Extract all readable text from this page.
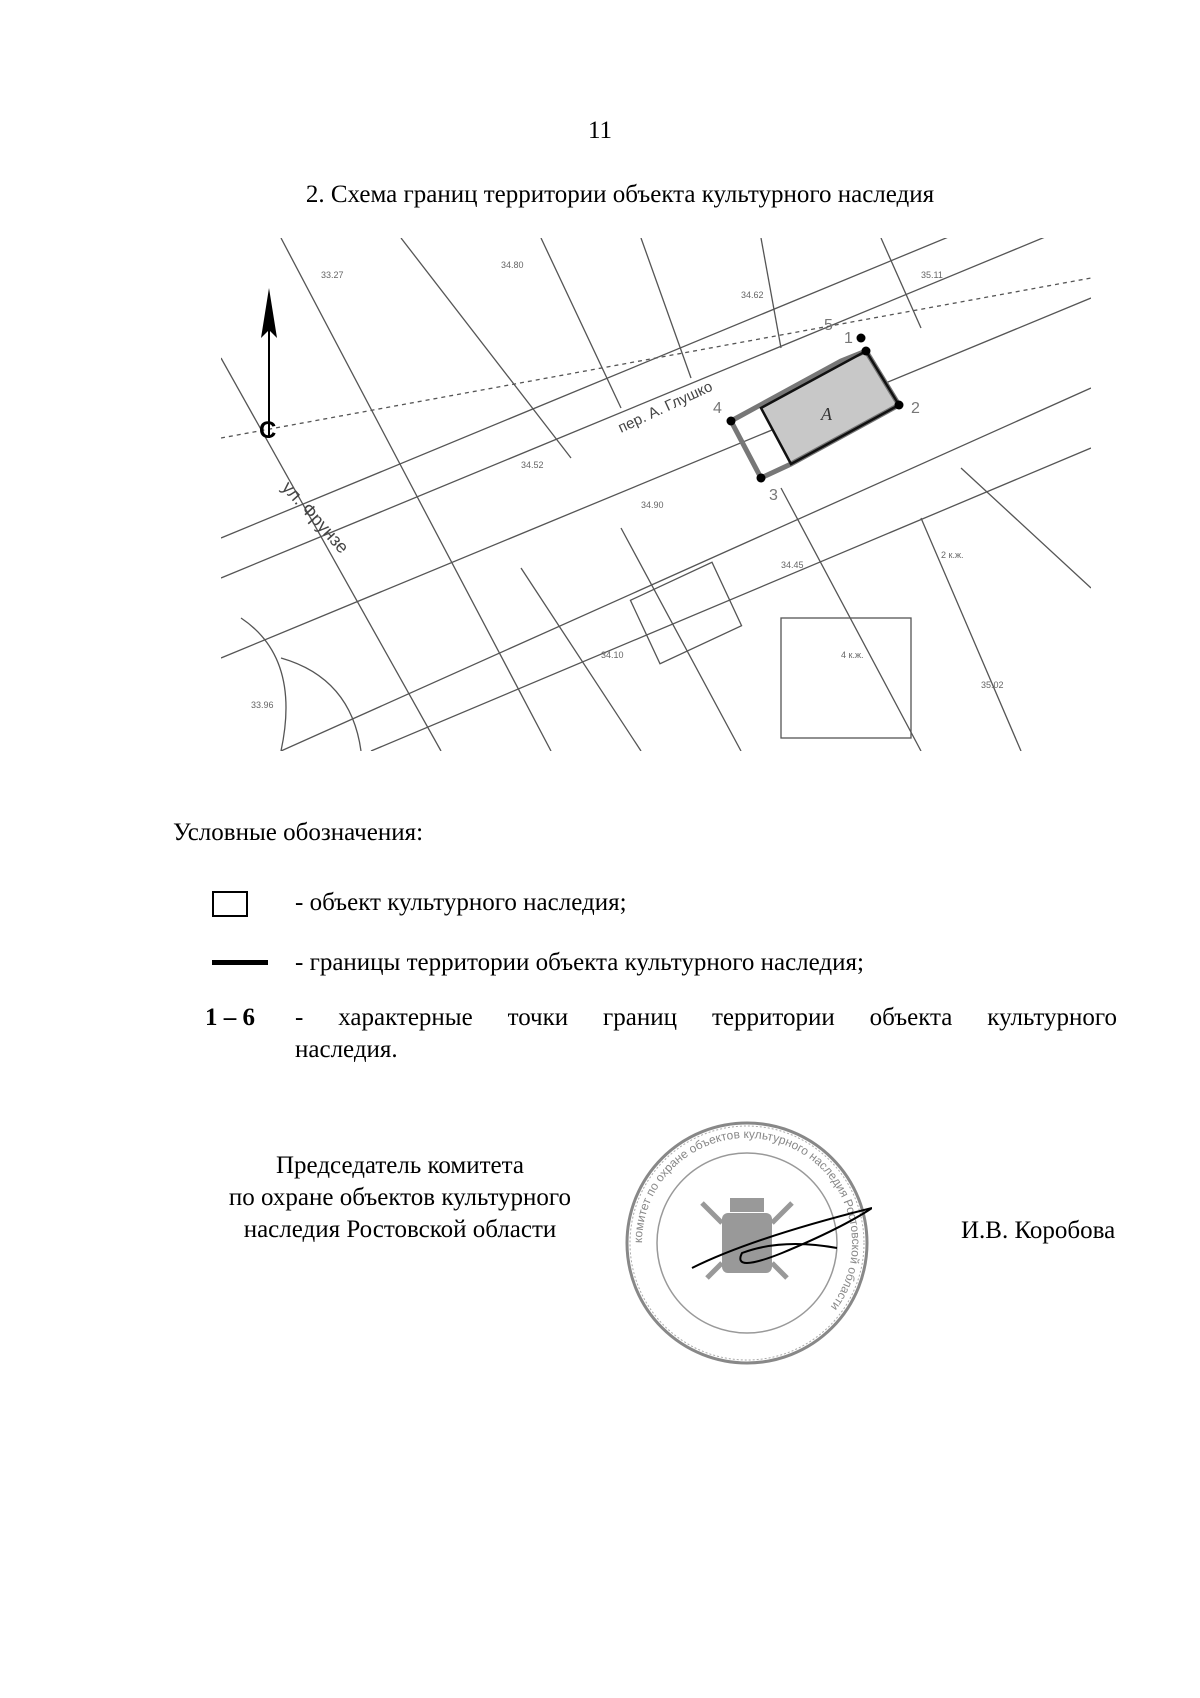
11
2. Схема границ территории объекта культурного наследия
33.27
34.80
34.62
35.11
34.52
34.90
34.45
2 к.ж.
4 к.ж.
33.96
34.10
35.02
1
2
3
4
5
А
пер. А. Глушко
ул. Фрунзе
С
Условные обозначения:
- объект культурного наследия;
- границы территории объекта культурного наследия;
1 – 6 - характерные точки границ территории объекта культурного
наследия.
Председатель комитета
по охране объектов культурного
наследия Ростовской области	комитет по охране объектов культурного наследия Ростовской области
И.В. Коробова
